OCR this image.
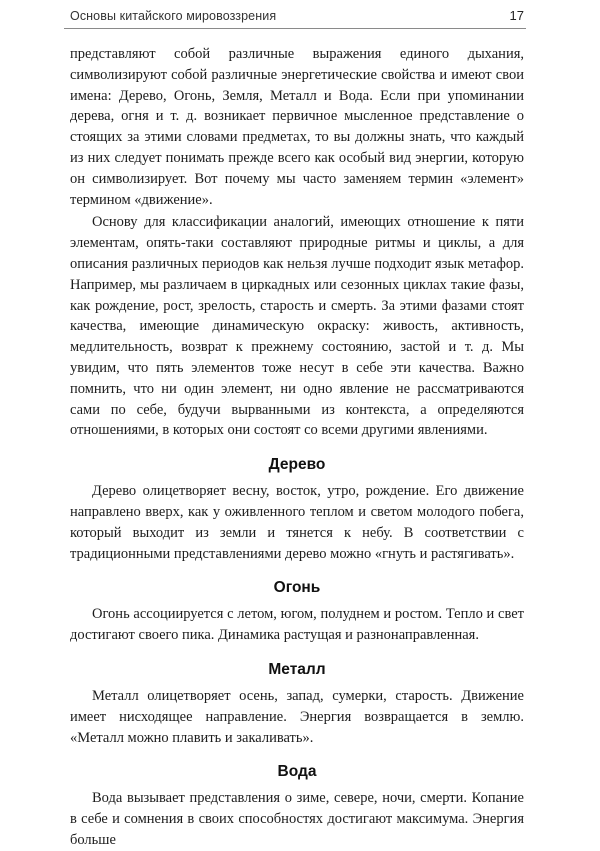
Основы китайского мировоззрения	17

представляют собой различные выражения единого дыхания, символизируют собой различные энергетические свойства и имеют свои имена: Дерево, Огонь, Земля, Металл и Вода. Если при упоминании дерева, огня и т. д. возникает первичное мысленное представление о стоящих за этими словами предметах, то вы должны знать, что каждый из них следует понимать прежде всего как особый вид энергии, которую он символизирует. Вот почему мы часто заменяем термин «элемент» термином «движение».

Основу для классификации аналогий, имеющих отношение к пяти элементам, опять-таки составляют природные ритмы и циклы, а для описания различных периодов как нельзя лучше подходит язык метафор. Например, мы различаем в циркадных или сезонных циклах такие фазы, как рождение, рост, зрелость, старость и смерть. За этими фазами стоят качества, имеющие динамическую окраску: живость, активность, медлительность, возврат к прежнему состоянию, застой и т. д. Мы увидим, что пять элементов тоже несут в себе эти качества. Важно помнить, что ни один элемент, ни одно явление не рассматриваются сами по себе, будучи вырванными из контекста, а определяются отношениями, в которых они состоят со всеми другими явлениями.

Дерево

Дерево олицетворяет весну, восток, утро, рождение. Его движение направлено вверх, как у оживленного теплом и светом молодого побега, который выходит из земли и тянется к небу. В соответствии с традиционными представлениями дерево можно «гнуть и растягивать».

Огонь

Огонь ассоциируется с летом, югом, полуднем и ростом. Тепло и свет достигают своего пика. Динамика растущая и разнонаправленная.

Металл

Металл олицетворяет осень, запад, сумерки, старость. Движение имеет нисходящее направление. Энергия возвращается в землю. «Металл можно плавить и закаливать».

Вода

Вода вызывает представления о зиме, севере, ночи, смерти. Копание в себе и сомнения в своих способностях достигают максимума. Энергия больше
